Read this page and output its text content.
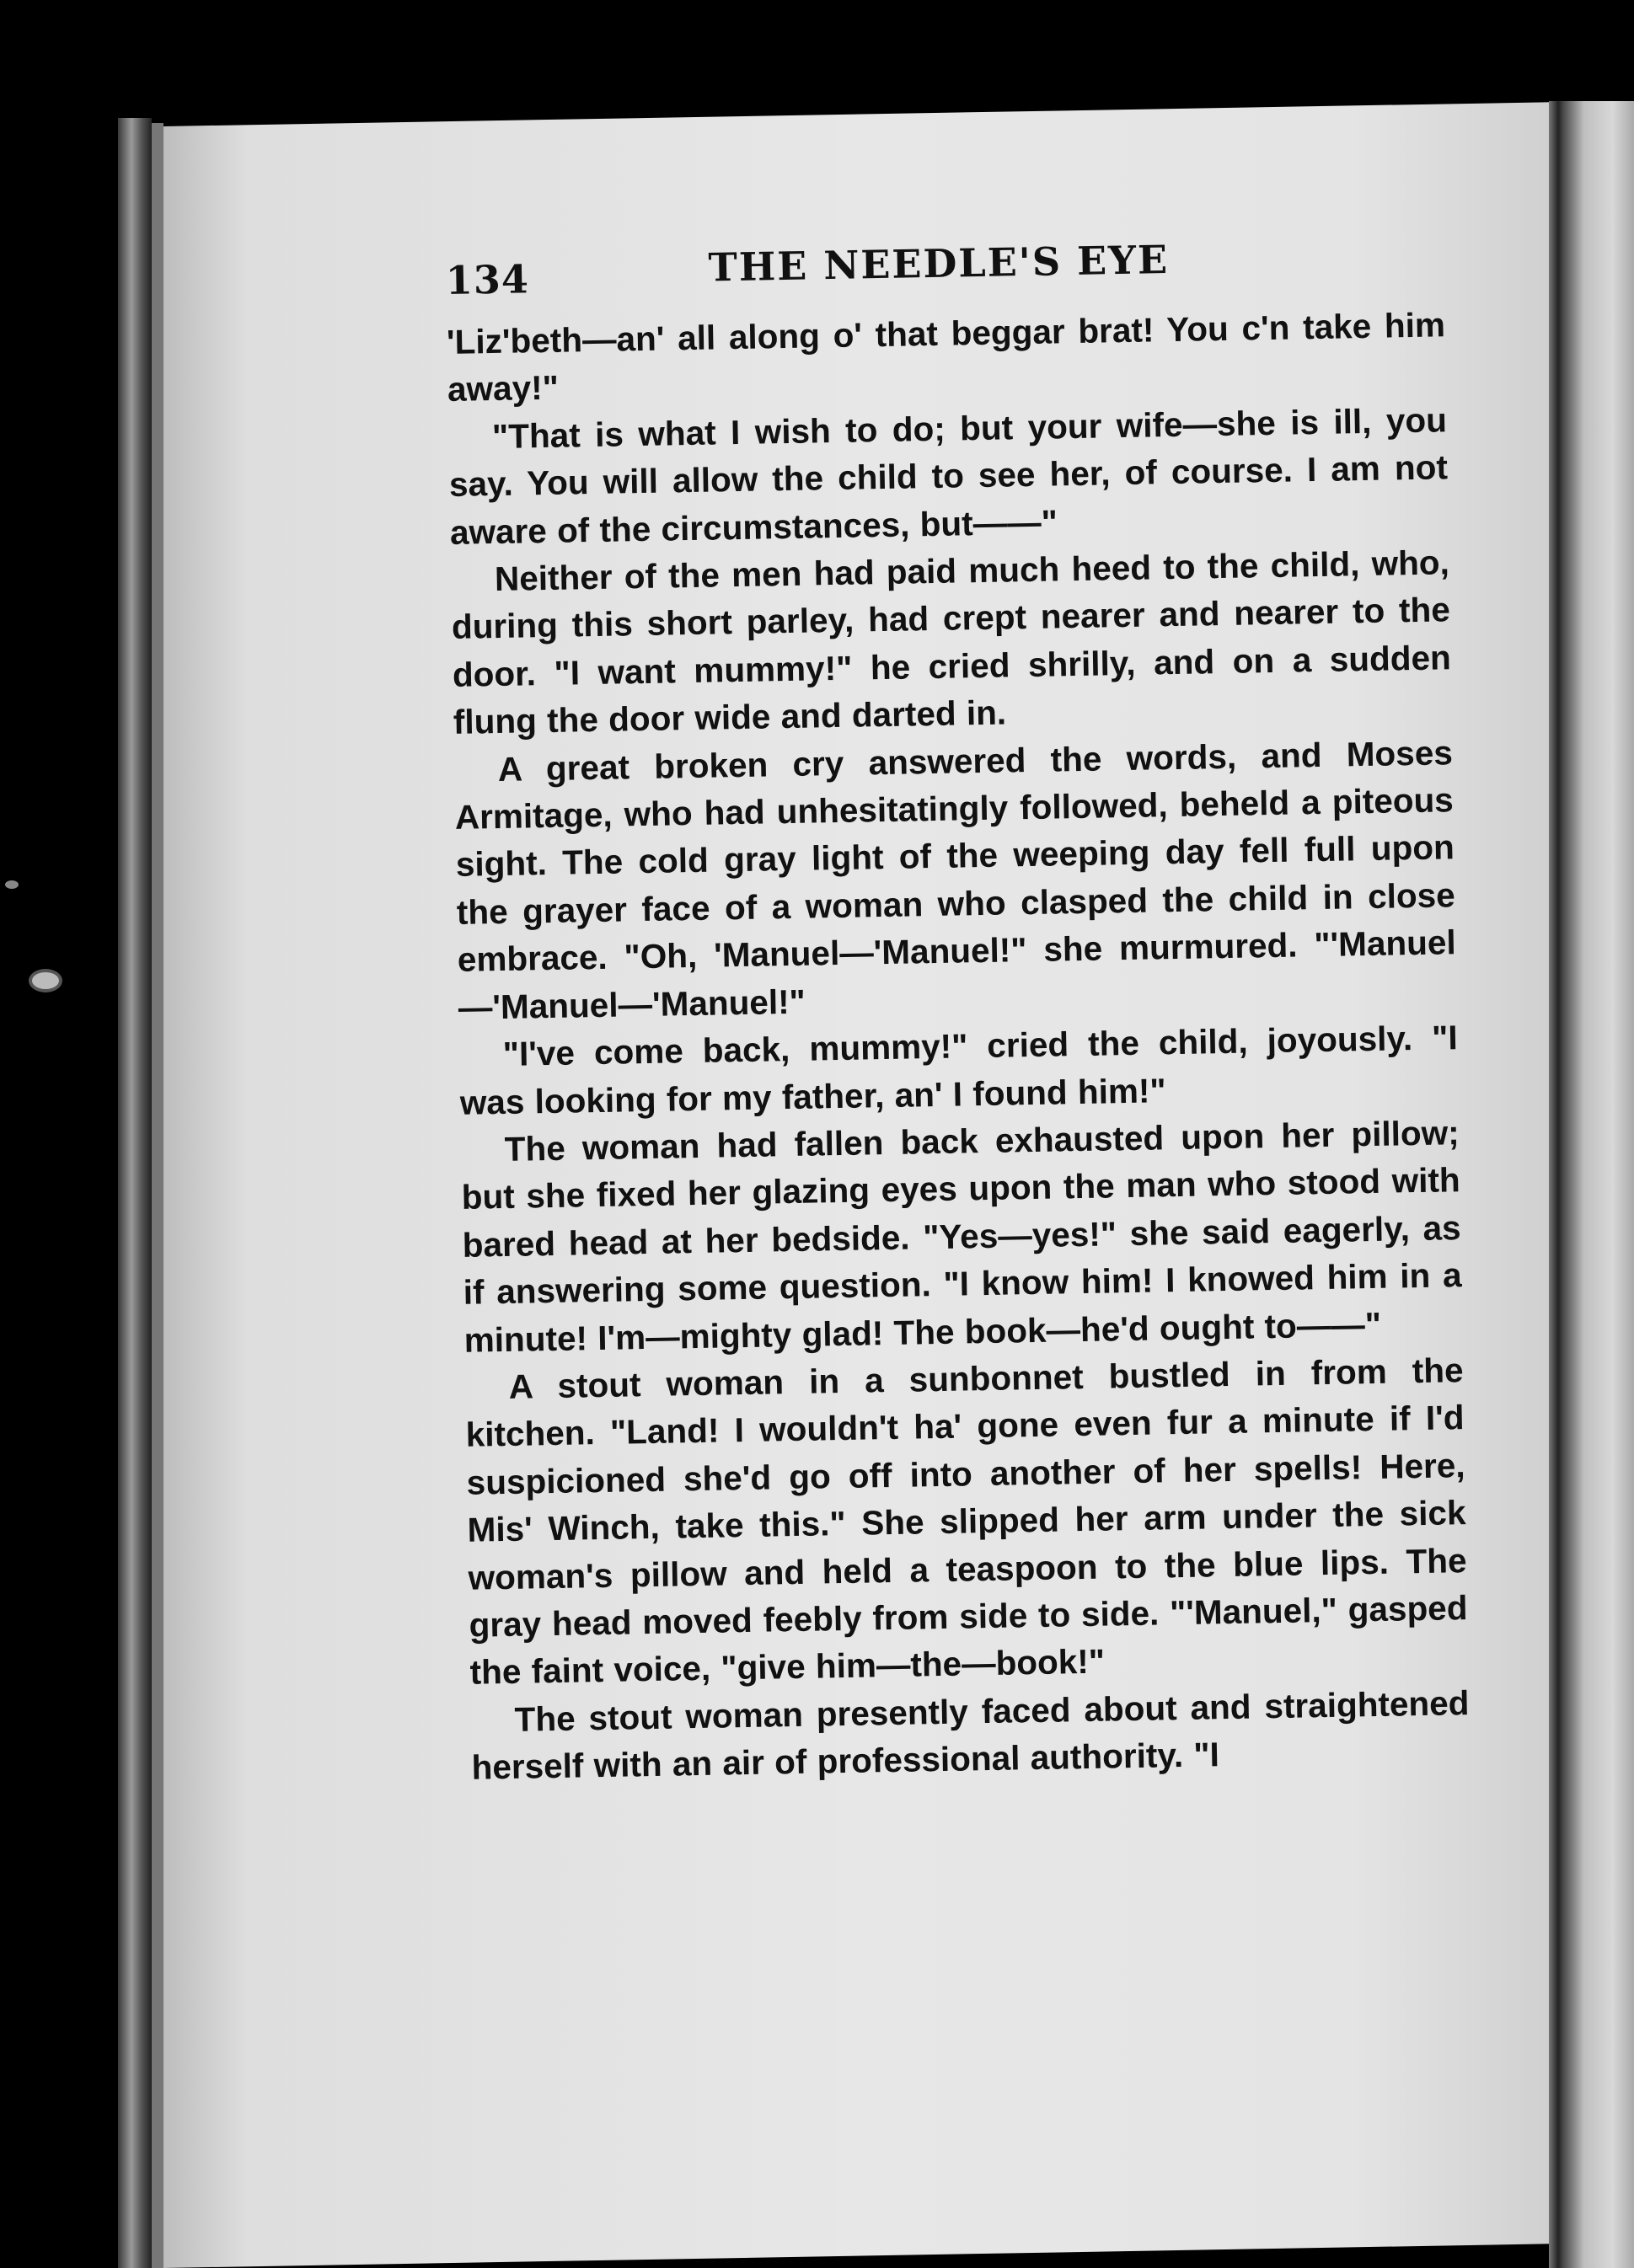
134	THE NEEDLE'S EYE

'Liz'beth—an' all along o' that beggar brat! You c'n take him away!"

"That is what I wish to do; but your wife—she is ill, you say. You will allow the child to see her, of course. I am not aware of the circumstances, but——"

Neither of the men had paid much heed to the child, who, during this short parley, had crept nearer and nearer to the door. "I want mummy!" he cried shrilly, and on a sudden flung the door wide and darted in.

A great broken cry answered the words, and Moses Armitage, who had unhesitatingly followed, beheld a piteous sight. The cold gray light of the weeping day fell full upon the grayer face of a woman who clasped the child in close embrace. "Oh, 'Manuel—'Manuel!" she murmured. "'Manuel—'Manuel—'Manuel!"

"I've come back, mummy!" cried the child, joyously. "I was looking for my father, an' I found him!"

The woman had fallen back exhausted upon her pillow; but she fixed her glazing eyes upon the man who stood with bared head at her bedside. "Yes—yes!" she said eagerly, as if answering some question. "I know him! I knowed him in a minute! I'm—mighty glad! The book—he'd ought to——"

A stout woman in a sunbonnet bustled in from the kitchen. "Land! I wouldn't ha' gone even fur a minute if I'd suspicioned she'd go off into another of her spells! Here, Mis' Winch, take this." She slipped her arm under the sick woman's pillow and held a teaspoon to the blue lips. The gray head moved feebly from side to side. "'Manuel," gasped the faint voice, "give him—the—book!"

The stout woman presently faced about and straightened herself with an air of professional authority. "I
